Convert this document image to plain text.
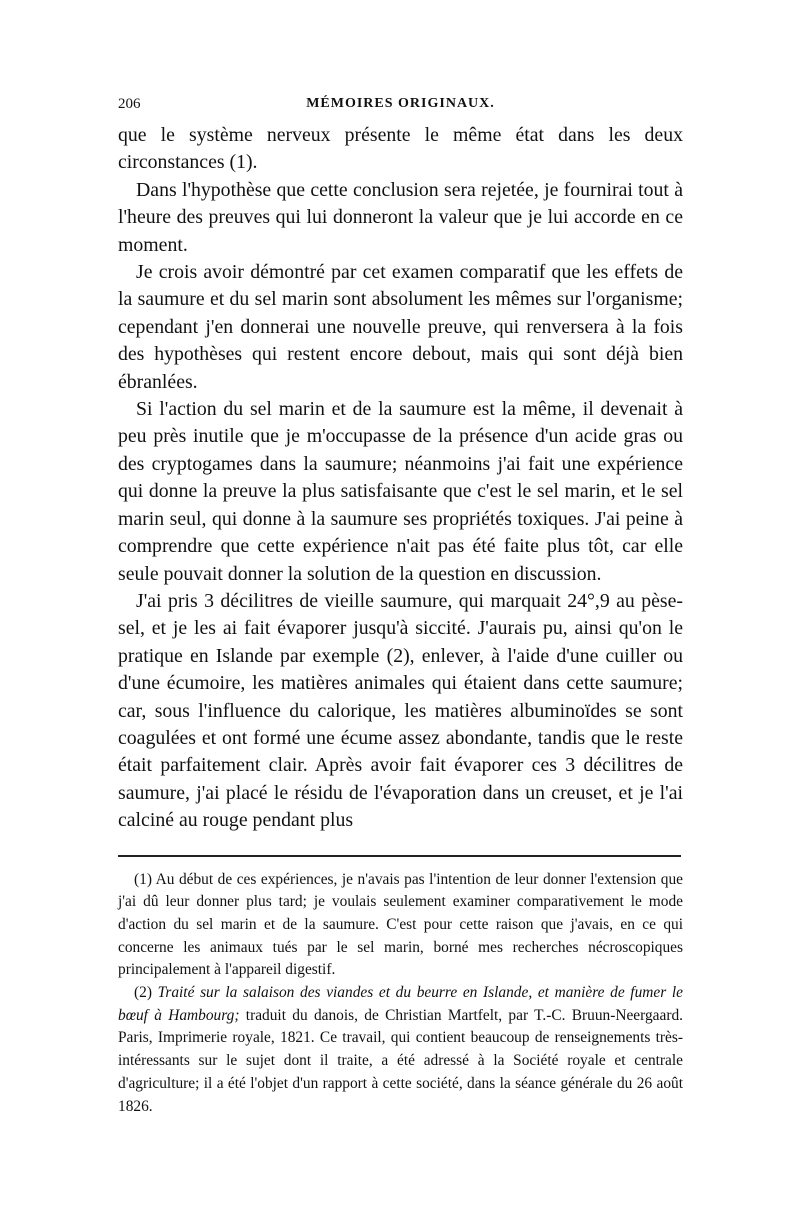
206	MÉMOIRES ORIGINAUX.

que le système nerveux présente le même état dans les deux circonstances (1).

Dans l'hypothèse que cette conclusion sera rejetée, je fournirai tout à l'heure des preuves qui lui donneront la valeur que je lui accorde en ce moment.

Je crois avoir démontré par cet examen comparatif que les effets de la saumure et du sel marin sont absolument les mêmes sur l'organisme; cependant j'en donnerai une nouvelle preuve, qui renversera à la fois des hypothèses qui restent encore debout, mais qui sont déjà bien ébranlées.

Si l'action du sel marin et de la saumure est la même, il devenait à peu près inutile que je m'occupasse de la présence d'un acide gras ou des cryptogames dans la saumure; néanmoins j'ai fait une expérience qui donne la preuve la plus satisfaisante que c'est le sel marin, et le sel marin seul, qui donne à la saumure ses propriétés toxiques. J'ai peine à comprendre que cette expérience n'ait pas été faite plus tôt, car elle seule pouvait donner la solution de la question en discussion.

J'ai pris 3 décilitres de vieille saumure, qui marquait 24°,9 au pèse-sel, et je les ai fait évaporer jusqu'à siccité. J'aurais pu, ainsi qu'on le pratique en Islande par exemple (2), enlever, à l'aide d'une cuiller ou d'une écumoire, les matières animales qui étaient dans cette saumure; car, sous l'influence du calorique, les matières albuminoïdes se sont coagulées et ont formé une écume assez abondante, tandis que le reste était parfaitement clair. Après avoir fait évaporer ces 3 décilitres de saumure, j'ai placé le résidu de l'évaporation dans un creuset, et je l'ai calciné au rouge pendant plus

(1) Au début de ces expériences, je n'avais pas l'intention de leur donner l'extension que j'ai dû leur donner plus tard; je voulais seulement examiner comparativement le mode d'action du sel marin et de la saumure. C'est pour cette raison que j'avais, en ce qui concerne les animaux tués par le sel marin, borné mes recherches nécroscopiques principalement à l'appareil digestif.

(2) Traité sur la salaison des viandes et du beurre en Islande, et manière de fumer le bœuf à Hambourg; traduit du danois, de Christian Martfelt, par T.-C. Bruun-Neergaard. Paris, Imprimerie royale, 1821. Ce travail, qui contient beaucoup de renseignements très-intéressants sur le sujet dont il traite, a été adressé à la Société royale et centrale d'agriculture; il a été l'objet d'un rapport à cette société, dans la séance générale du 26 août 1826.
